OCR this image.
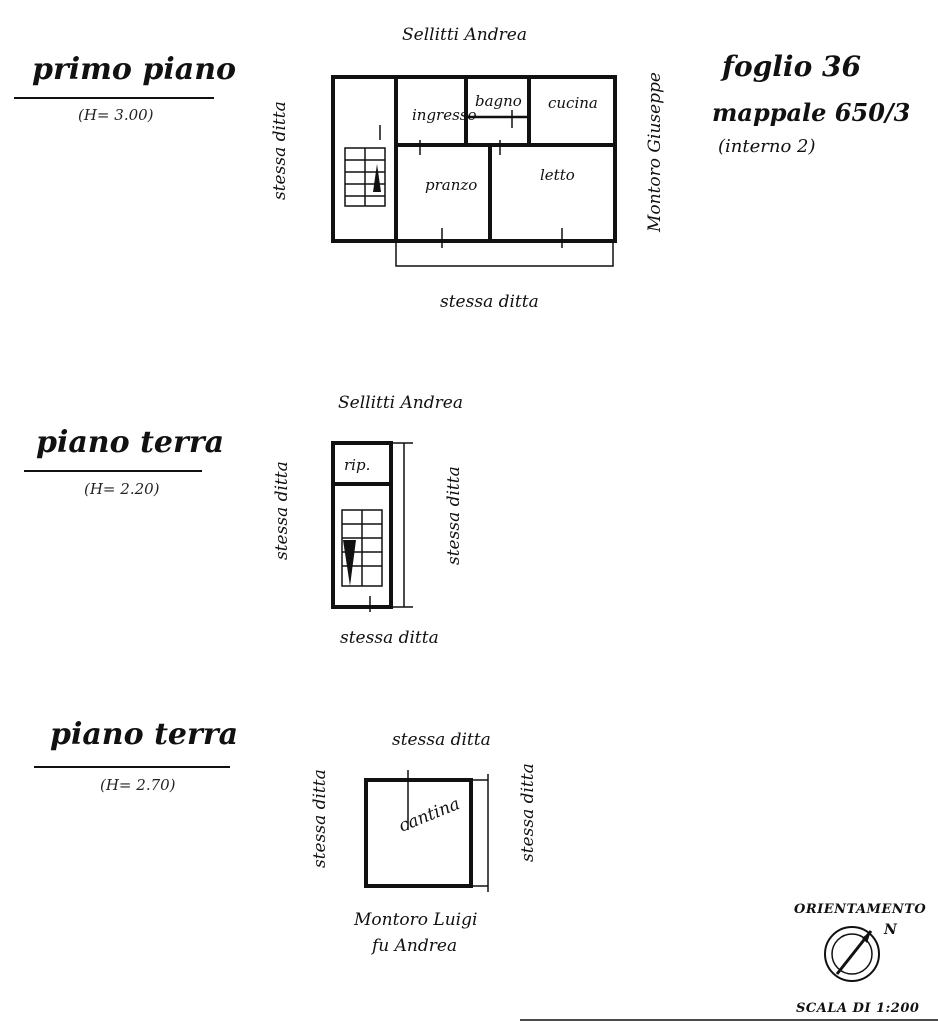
primo piano
(H= 3.00)
Sellitti Andrea
stessa ditta	Montoro Giuseppe
stessa ditta
ingresso
bagno cucina
pranzo
letto
piano terra
(H= 2.20)
Sellitti Andrea
stessa ditta	stessa ditta
stessa ditta
rip.
piano terra
(H= 2.70)
stessa ditta
stessa ditta	stessa ditta
Montoro Luigi
fu Andrea
cantina
foglio 36
mappale 650/3
(interno 2)
ORIENTAMENTO
N
SCALA DI 1:200
